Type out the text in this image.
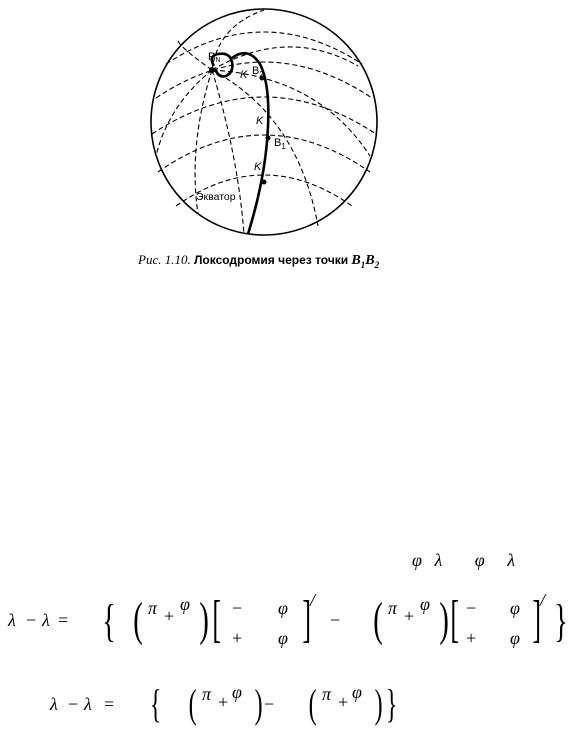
PN
K $B_2$
K
$B_1$
K
Экватор
Рис. 1.10. Локсодромия через точки $B_1B_2$
φ λ φ λ
λ − λ = { ( π +
φ ) [ − φ
+ φ ] /
− ( π +
φ ) [ − φ
+ φ ] / }
λ − λ = { ( π + φ ) − ( π + φ ) }
